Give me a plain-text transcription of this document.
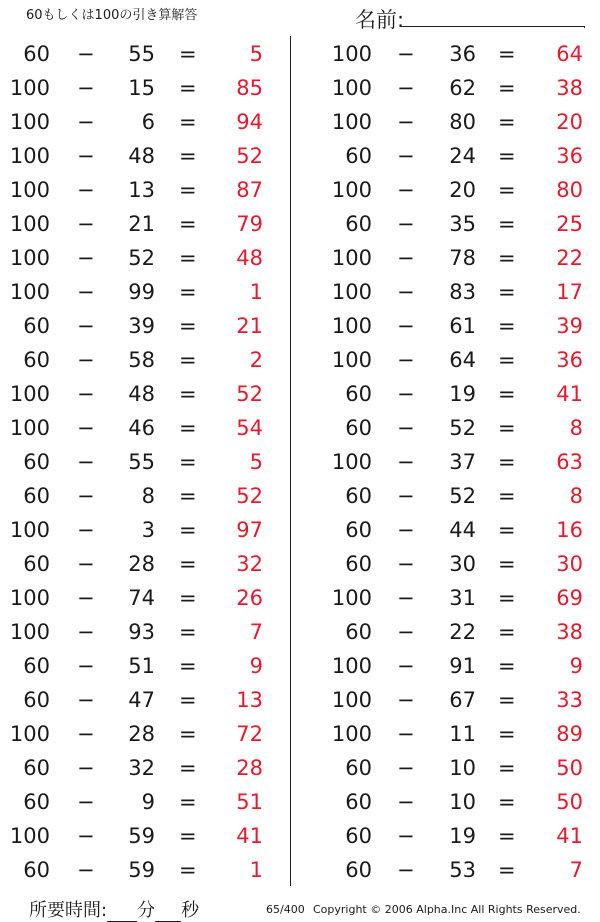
60もしくは100の引き算解答	名前:	.
60 − 55 =	5	100 − 36 = 64
100 − 15 = 85	100 − 62 = 38
100 − 6 = 94	100 − 80 = 20
100 − 48 = 52	60 − 24 = 36
100 − 13 = 87	100 − 20 = 80
100 − 21 = 79	60 − 35 = 25
100 − 52 = 48	100 − 78 = 22
100 − 99 =	1	100 − 83 = 17
60 − 39 = 21	100 − 61 = 39
60 − 58 =	2	100 − 64 = 36
100 − 48 = 52	60 − 19 = 41
100 − 46 = 54	60 − 52 =	8
60 − 55 =	5	100 − 37 = 63
60 − 8 = 52	60 − 52 =	8
100 − 3 = 97	60 − 44 = 16
60 − 28 = 32	60 − 30 = 30
100 − 74 = 26	100 − 31 = 69
100 − 93 =	7	60 − 22 = 38
60 − 51 =	9	100 − 91 =	9
60 − 47 = 13	100 − 67 = 33
100 − 28 = 72	100 − 11 = 89
60 − 32 = 28	60 − 10 = 50
60 − 9 = 51	60 − 10 = 50
100 − 59 = 41	60 − 19 = 41
60 − 59 =	1	60 − 53 =	7
所要時間: 分 秒	65/400 Copyright © 2006 Alpha.Inc All Rights Reserved.
